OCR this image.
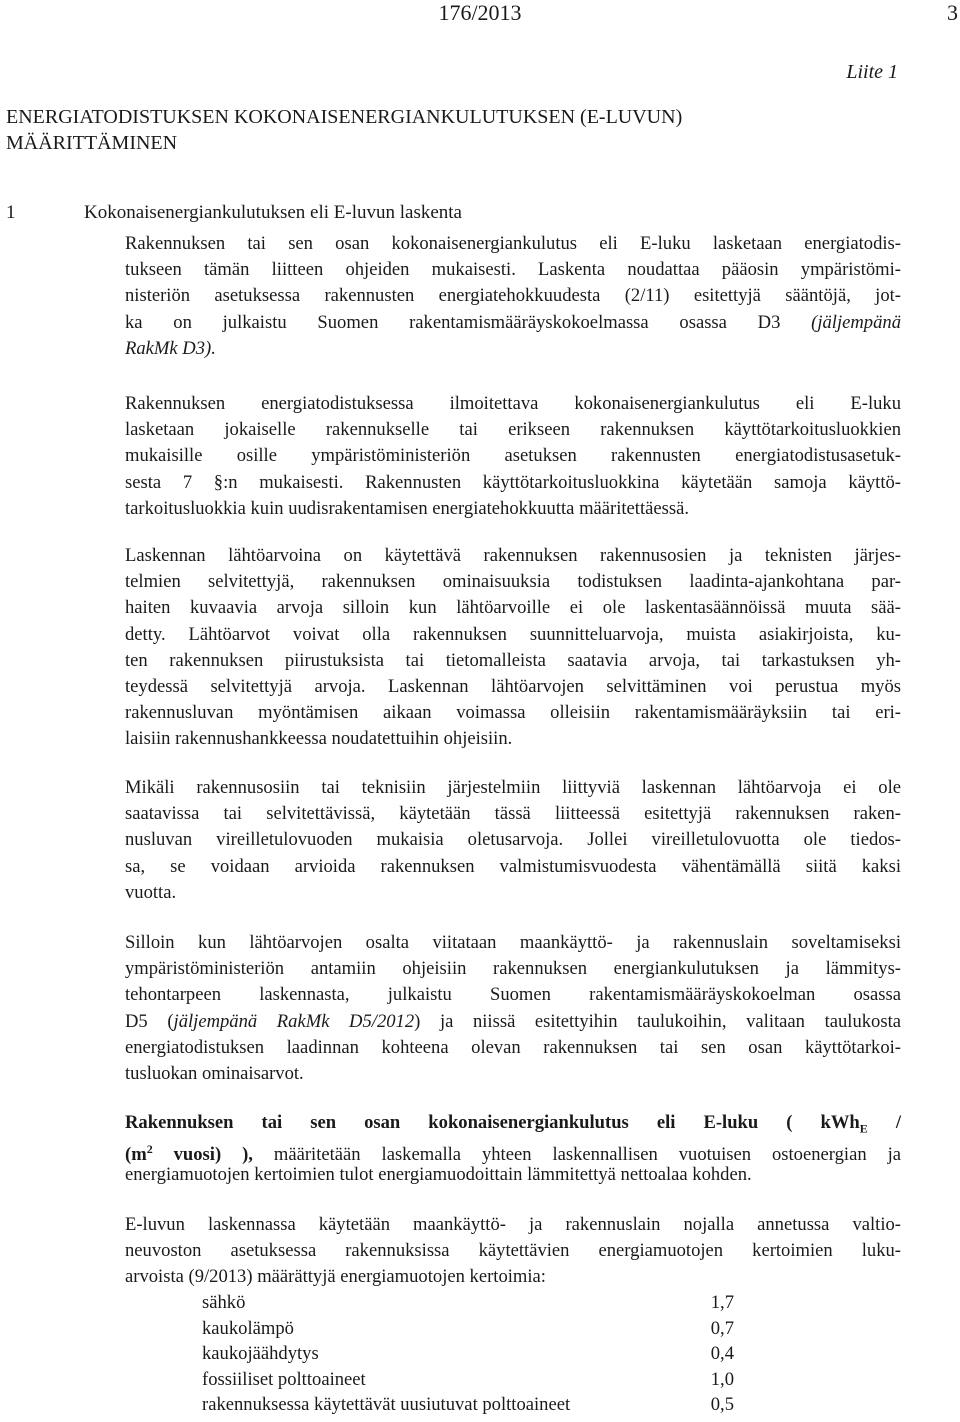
176/2013	3
Liite 1
ENERGIATODISTUKSEN KOKONAISENERGIANKULUTUKSEN (E-LUVUN)
MÄÄRITTÄMINEN
1	Kokonaisenergiankulutuksen eli E-luvun laskenta
Rakennuksen tai sen osan kokonaisenergiankulutus eli E-luku lasketaan energiatodis-
tukseen tämän liitteen ohjeiden mukaisesti. Laskenta noudattaa pääosin ympäristömi-
nisteriön asetuksessa rakennusten energiatehokkuudesta (2/11) esitettyjä sääntöjä, jot-
ka on julkaistu Suomen rakentamismääräyskokoelmassa osassa D3 (jäljempänä
RakMk D3).
Rakennuksen energiatodistuksessa ilmoitettava kokonaisenergiankulutus eli E-luku
lasketaan jokaiselle rakennukselle tai erikseen rakennuksen käyttötarkoitusluokkien
mukaisille osille ympäristöministeriön asetuksen rakennusten energiatodistusasetuk-
sesta 7 §:n mukaisesti. Rakennusten käyttötarkoitusluokkina käytetään samoja käyttö-
tarkoitusluokkia kuin uudisrakentamisen energiatehokkuutta määritettäessä.
Laskennan lähtöarvoina on käytettävä rakennuksen rakennusosien ja teknisten järjes-
telmien selvitettyjä, rakennuksen ominaisuuksia todistuksen laadinta-ajankohtana par-
haiten kuvaavia arvoja silloin kun lähtöarvoille ei ole laskentasäännöissä muuta sää-
detty. Lähtöarvot voivat olla rakennuksen suunnitteluarvoja, muista asiakirjoista, ku-
ten rakennuksen piirustuksista tai tietomalleista saatavia arvoja, tai tarkastuksen yh-
teydessä selvitettyjä arvoja. Laskennan lähtöarvojen selvittäminen voi perustua myös
rakennusluvan myöntämisen aikaan voimassa olleisiin rakentamismääräyksiin tai eri-
laisiin rakennushankkeessa noudatettuihin ohjeisiin.
Mikäli rakennusosiin tai teknisiin järjestelmiin liittyviä laskennan lähtöarvoja ei ole
saatavissa tai selvitettävissä, käytetään tässä liitteessä esitettyjä rakennuksen raken-
nusluvan vireilletulovuoden mukaisia oletusarvoja. Jollei vireilletulovuotta ole tiedos-
sa, se voidaan arvioida rakennuksen valmistumisvuodesta vähentämällä siitä kaksi
vuotta.
Silloin kun lähtöarvojen osalta viitataan maankäyttö- ja rakennuslain soveltamiseksi
ympäristöministeriön antamiin ohjeisiin rakennuksen energiankulutuksen ja lämmitys-
tehontarpeen laskennasta, julkaistu Suomen rakentamismääräyskokoelman osassa
D5 (jäljempänä RakMk D5/2012) ja niissä esitettyihin taulukoihin, valitaan taulukosta
energiatodistuksen laadinnan kohteena olevan rakennuksen tai sen osan käyttötarkoi-
tusluokan ominaisarvot.
Rakennuksen tai sen osan kokonaisenergiankulutus eli E-luku ( kWh$_E$ /
($m^2$ vuosi) ), määritetään laskemalla yhteen laskennallisen vuotuisen ostoenergian ja
energiamuotojen kertoimien tulot energiamuodoittain lämmitettyä nettoalaa kohden.
E-luvun laskennassa käytetään maankäyttö- ja rakennuslain nojalla annetussa valtio-
neuvoston asetuksessa rakennuksissa käytettävien energiamuotojen kertoimien luku-
arvoista (9/2013) määrättyjä energiamuotojen kertoimia:
sähkö	1,7
kaukolämpö	0,7
kaukojäähdytys	0,4
fossiiliset polttoaineet	1,0
rakennuksessa käytettävät uusiutuvat polttoaineet	0,5
